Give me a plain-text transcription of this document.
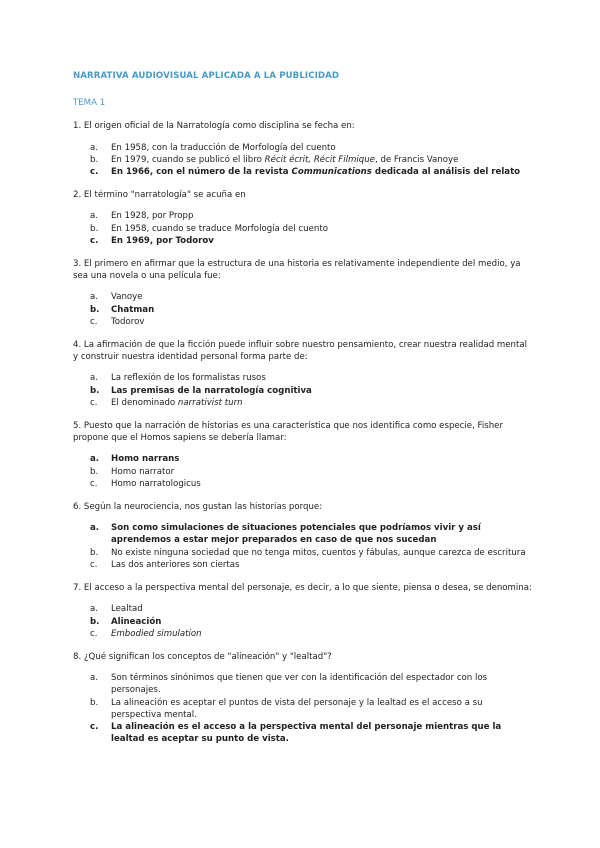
NARRATIVA AUDIOVISUAL APLICADA A LA PUBLICIDAD
TEMA 1

1. El origen oficial de la Narratología como disciplina se fecha en:

a. En 1958, con la traducción de Morfología del cuento
b. En 1979, cuando se publicó el libro Récit écrit, Récit Filmique, de Francis Vanoye
c. En 1966, con el número de la revista Communications dedicada al análisis del relato

2. El término "narratología" se acuña en

a. En 1928, por Propp
b. En 1958, cuando se traduce Morfología del cuento
c. En 1969, por Todorov

3. El primero en afirmar que la estructura de una historia es relativamente independiente del medio, ya sea una novela o una película fue:

a. Vanoye
b. Chatman
c. Todorov

4. La afirmación de que la ficción puede influir sobre nuestro pensamiento, crear nuestra realidad mental y construir nuestra identidad personal forma parte de:

a. La reflexión de los formalistas rusos
b. Las premisas de la narratología cognitiva
c. El denominado narrativist turn

5. Puesto que la narración de historias es una característica que nos identifica como especie, Fisher propone que el Homos sapiens se debería llamar:

a. Homo narrans
b. Homo narrator
c. Homo narratologicus

6. Según la neurociencia, nos gustan las historias porque:

a. Son como simulaciones de situaciones potenciales que podríamos vivir y así aprendemos a estar mejor preparados en caso de que nos sucedan
b. No existe ninguna sociedad que no tenga mitos, cuentos y fábulas, aunque carezca de escritura
c. Las dos anteriores son ciertas

7. El acceso a la perspectiva mental del personaje, es decir, a lo que siente, piensa o desea, se denomina:

a. Lealtad
b. Alineación
c. Embodied simulation

8. ¿Qué significan los conceptos de "alineación" y "lealtad"?

a. Son términos sinónimos que tienen que ver con la identificación del espectador con los personajes.
b. La alineación es aceptar el puntos de vista del personaje y la lealtad es el acceso a su perspectiva mental.
c. La alineación es el acceso a la perspectiva mental del personaje mientras que la lealtad es aceptar su punto de vista.
